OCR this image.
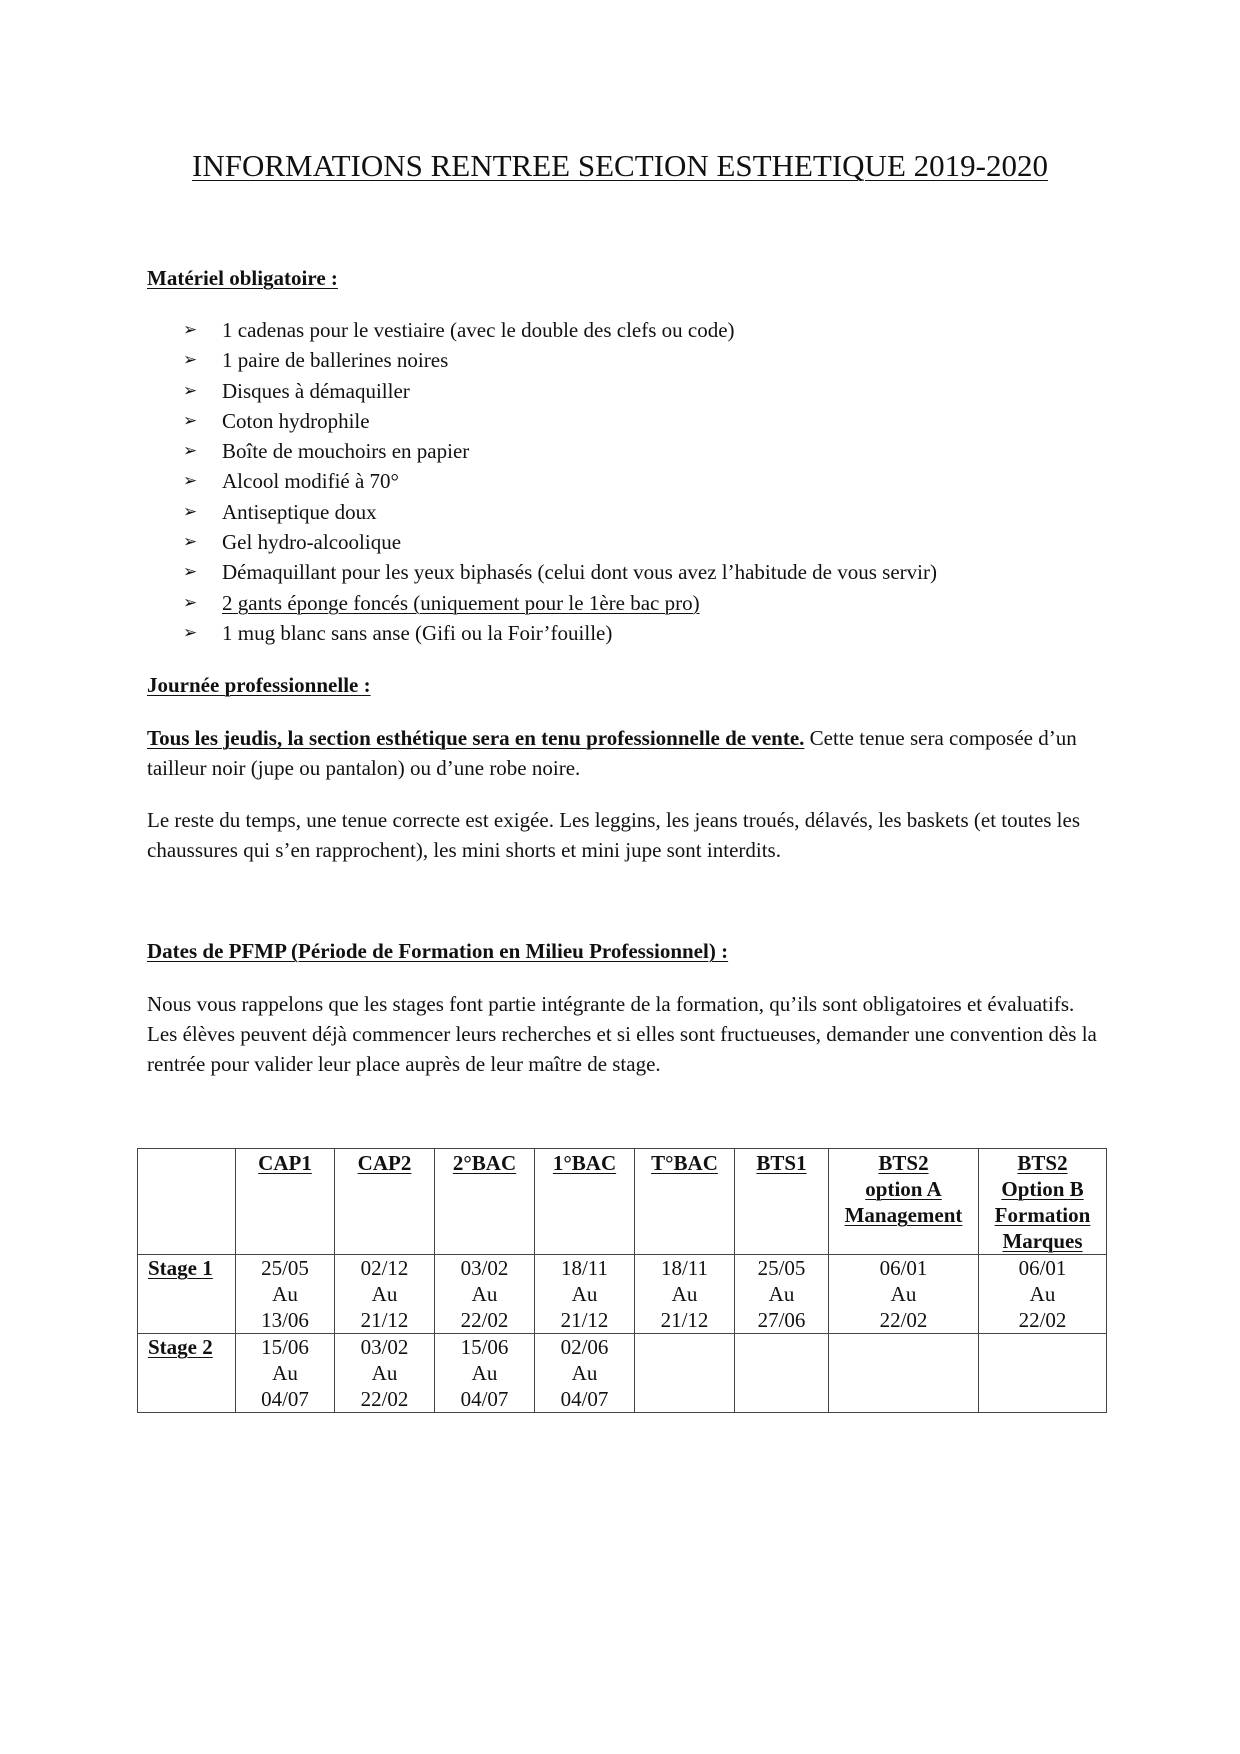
INFORMATIONS RENTREE SECTION ESTHETIQUE 2019-2020
Matériel obligatoire :
➢ 1 cadenas pour le vestiaire (avec le double des clefs ou code)
➢ 1 paire de ballerines noires
➢ Disques à démaquiller
➢ Coton hydrophile
➢ Boîte de mouchoirs en papier
➢ Alcool modifié à 70°
➢ Antiseptique doux
➢ Gel hydro-alcoolique
➢ Démaquillant pour les yeux biphasés (celui dont vous avez l’habitude de vous servir)
➢ 2 gants éponge foncés (uniquement pour le 1ère bac pro)
➢ 1 mug blanc sans anse (Gifi ou la Foir’fouille)
Journée professionnelle :

Tous les jeudis, la section esthétique sera en tenu professionnelle de vente. Cette tenue sera composée d’un tailleur noir (jupe ou pantalon) ou d’une robe noire.

Le reste du temps, une tenue correcte est exigée. Les leggins, les jeans troués, délavés, les baskets (et toutes les chaussures qui s’en rapprochent), les mini shorts et mini jupe sont interdits.

Dates de PFMP (Période de Formation en Milieu Professionnel) :

Nous vous rappelons que les stages font partie intégrante de la formation, qu’ils sont obligatoires et évaluatifs. Les élèves peuvent déjà commencer leurs recherches et si elles sont fructueuses, demander une convention dès la rentrée pour valider leur place auprès de leur maître de stage.

	CAP1	CAP2	2°BAC	1°BAC	T°BAC	BTS1	BTS2
option A
Management	BTS2
Option B
Formation
Marques

Stage 1	25/05
Au
13/06	02/12
Au
21/12	03/02
Au
22/02	18/11
Au
21/12	18/11
Au
21/12	25/05
Au
27/06	06/01
Au
22/02	06/01
Au
22/02

Stage 2	15/06
Au
04/07	03/02
Au
22/02	15/06
Au
04/07	02/06
Au
04/07				
